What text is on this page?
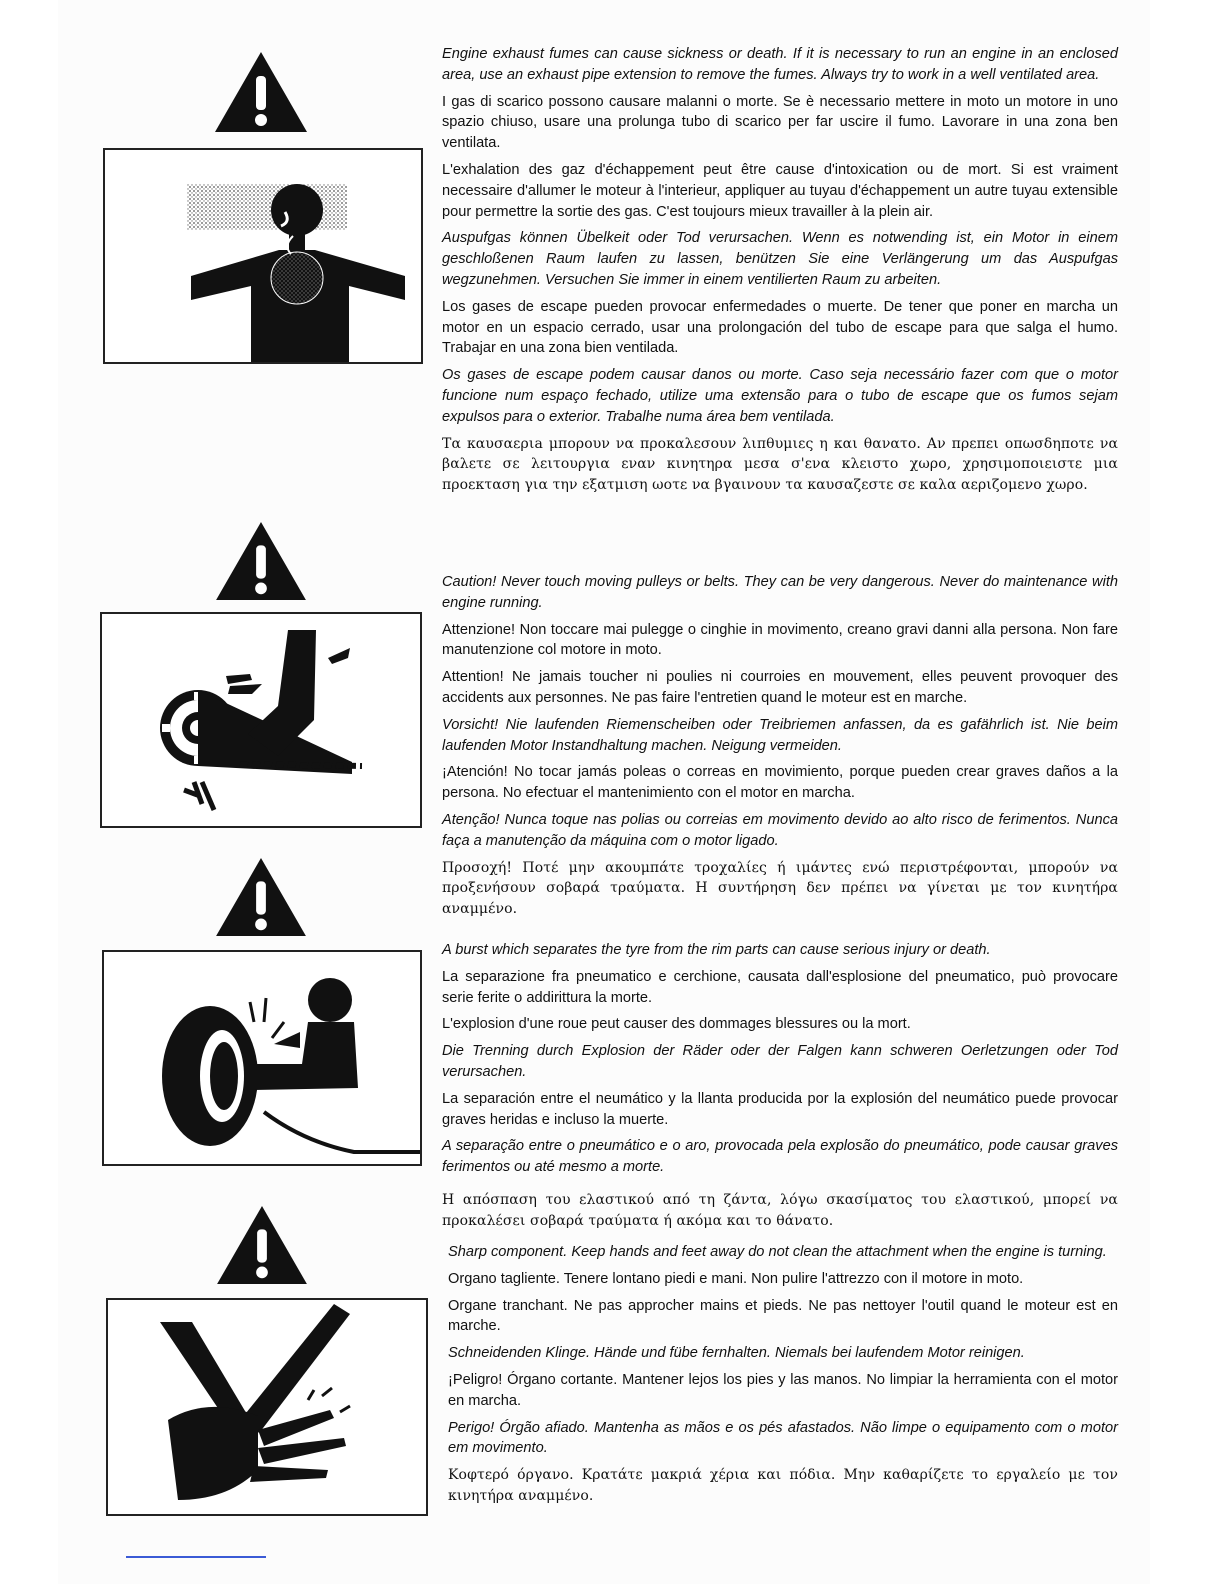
Engine exhaust fumes can cause sickness or death. If it is necessary to run an engine in an enclosed area, use an exhaust pipe extension to remove the fumes. Always try to work in a well ventilated area.

I gas di scarico possono causare malanni o morte. Se è necessario mettere in moto un motore in uno spazio chiuso, usare una prolunga tubo di scarico per far uscire il fumo. Lavorare in una zona ben ventilata.

L'exhalation des gaz d'échappement peut être cause d'intoxication ou de mort. Si est vraiment necessaire d'allumer le moteur à l'interieur, appliquer au tuyau d'échappement un autre tuyau extensible pour permettre la sortie des gas. C'est toujours mieux travailler à la plein air.

Auspufgas können Übelkeit oder Tod verursachen. Wenn es notwending ist, ein Motor in einem geschloßenen Raum laufen zu lassen, benützen Sie eine Verlängerung um das Auspufgas wegzunehmen. Versuchen Sie immer in einem ventilierten Raum zu arbeiten.

Los gases de escape pueden provocar enfermedades o muerte. De tener que poner en marcha un motor en un espacio cerrado, usar una prolongación del tubo de escape para que salga el humo. Trabajar en una zona bien ventilada.

Os gases de escape podem causar danos ou morte. Caso seja necessário fazer com que o motor funcione num espaço fechado, utilize uma extensão para o tubo de escape que os fumos sejam expulsos para o exterior. Trabalhe numa área bem ventilada.

Τα καυσαεριa μπορουν να προκαλεσουν λιπθυμιες η και θανατο. Αν πρεπει οπωσδηποτε να βαλετε σε λειτουργια εναν κινητηρα μεσα σ'ενα κλειστο χωρο, χρησιμοποιειστε μια προεκταση για την εξατμιση ωοτε να βγαινουν τα καυσαζεστε σε καλα αεριζομενο χωρο.

Caution! Never touch moving pulleys or belts. They can be very dangerous. Never do maintenance with engine running.

Attenzione! Non toccare mai pulegge o cinghie in movimento, creano gravi danni alla persona. Non fare manutenzione col motore in moto.

Attention! Ne jamais toucher ni poulies ni courroies en mouvement, elles peuvent provoquer des accidents aux personnes. Ne pas faire l'entretien quand le moteur est en marche.

Vorsicht! Nie laufenden Riemenscheiben oder Treibriemen anfassen, da es gafährlich ist. Nie beim laufenden Motor Instandhaltung machen. Neigung vermeiden.

¡Atención! No tocar jamás poleas o correas en movimiento, porque pueden crear graves daños a la persona. No efectuar el mantenimiento con el motor en marcha.

Atenção! Nunca toque nas polias ou correias em movimento devido ao alto risco de ferimentos. Nunca faça a manutenção da máquina com o motor ligado.

Προσοχή! Ποτέ μην ακουμπάτε τροχαλίες ή ιμάντες ενώ περιστρέφονται, μπορούν να προξενήσουν σοβαρά τραύματα. Η συντήρηση δεν πρέπει να γίνεται με τον κινητήρα αναμμένο.

A burst which separates the tyre from the rim parts can cause serious injury or death.

La separazione fra pneumatico e cerchione, causata dall'esplosione del pneumatico, può provocare serie ferite o addirittura la morte.

L'explosion d'une roue peut causer des dommages blessures ou la mort.

Die Trenning durch Explosion der Räder oder der Falgen kann schweren Oerletzungen oder Tod verursachen.

La separación entre el neumático y la llanta producida por la explosión del neumático puede provocar graves heridas e incluso la muerte.

A separação entre o pneumático e o aro, provocada pela explosão do pneumático, pode causar graves ferimentos ou até mesmo a morte.

Η απόσπαση του ελαστικού από τη ζάντα, λόγω σκασίματος του ελαστικού, μπορεί να προκαλέσει σοβαρά τραύματα ή ακόμα και το θάνατο.

Sharp component. Keep hands and feet away do not clean the attachment when the engine is turning.

Organo tagliente. Tenere lontano piedi e mani. Non pulire l'attrezzo con il motore in moto.

Organe tranchant. Ne pas approcher mains et pieds. Ne pas nettoyer l'outil quand le moteur est en marche.

Schneidenden Klinge. Hände und fübe fernhalten. Niemals bei laufendem Motor reinigen.

¡Peligro! Órgano cortante. Mantener lejos los pies y las manos. No limpiar la herramienta con el motor en marcha.

Perigo! Órgão afiado. Mantenha as mãos e os pés afastados. Não limpe o equipamento com o motor em movimento.

Κοφτερό όργανο. Κρατάτε μακριά χέρια και πόδια. Μην καθαρίζετε το εργαλείο με τον κινητήρα αναμμένο.
